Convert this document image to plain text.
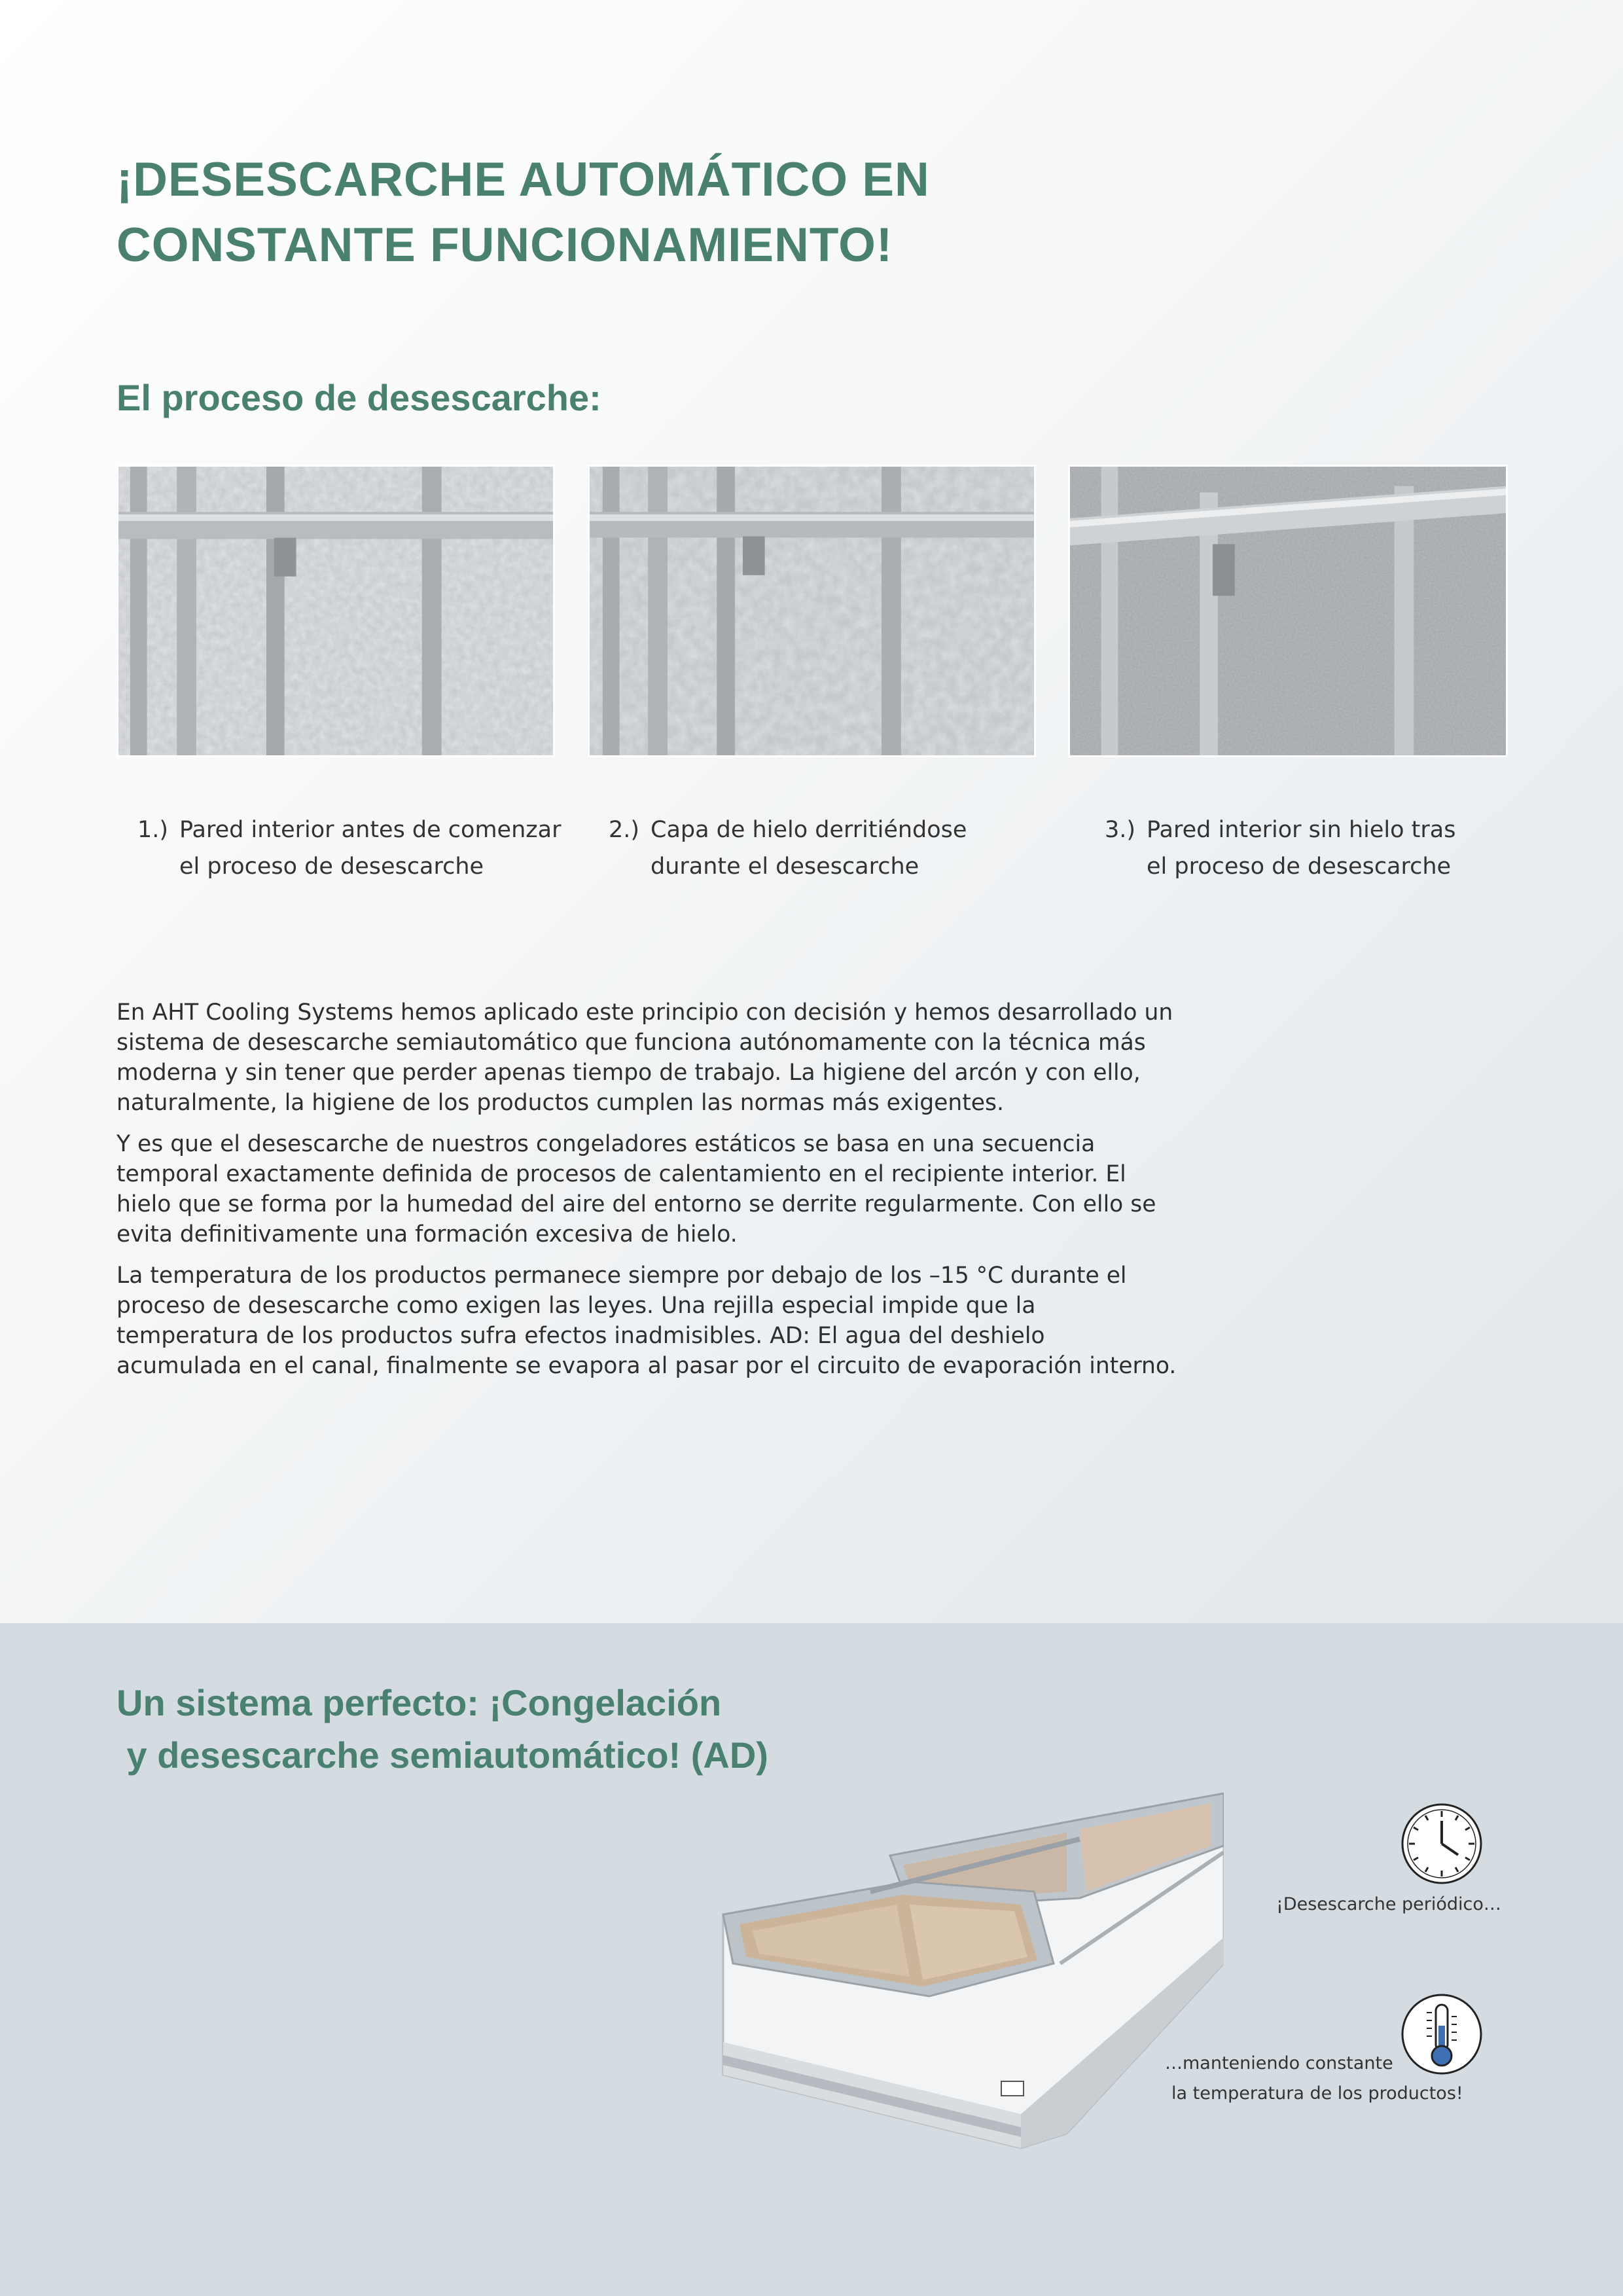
¡DESESCARCHE AUTOMÁTICO EN
CONSTANTE FUNCIONAMIENTO!
El proceso de desescarche:
1.) Pared interior antes de comenzar
el proceso de desescarche
2.) Capa de hielo derritiéndose
durante el desescarche
3.) Pared interior sin hielo tras
el proceso de desescarche

En AHT Cooling Systems hemos aplicado este principio con decisión y hemos desarrollado un sistema de desescarche semiautomático que funciona autónomamente con la técnica más moderna y sin tener que perder apenas tiempo de trabajo. La higiene del arcón y con ello, naturalmente, la higiene de los productos cumplen las normas más exigentes.

Y es que el desescarche de nuestros congeladores estáticos se basa en una secuencia temporal exactamente definida de procesos de calentamiento en el recipiente interior. El hielo que se forma por la humedad del aire del entorno se derrite regularmente. Con ello se evita definitivamente una formación excesiva de hielo.

La temperatura de los productos permanece siempre por debajo de los –15 °C durante el proceso de desescarche como exigen las leyes. Una rejilla especial impide que la temperatura de los productos sufra efectos inadmisibles. AD: El agua del deshielo acumulada en el canal, finalmente se evapora al pasar por el circuito de evaporación interno.

Un sistema perfecto: ¡Congelación
y desescarche semiautomático! (AD)
¡Desescarche periódico…
…manteniendo constante
la temperatura de los productos!
